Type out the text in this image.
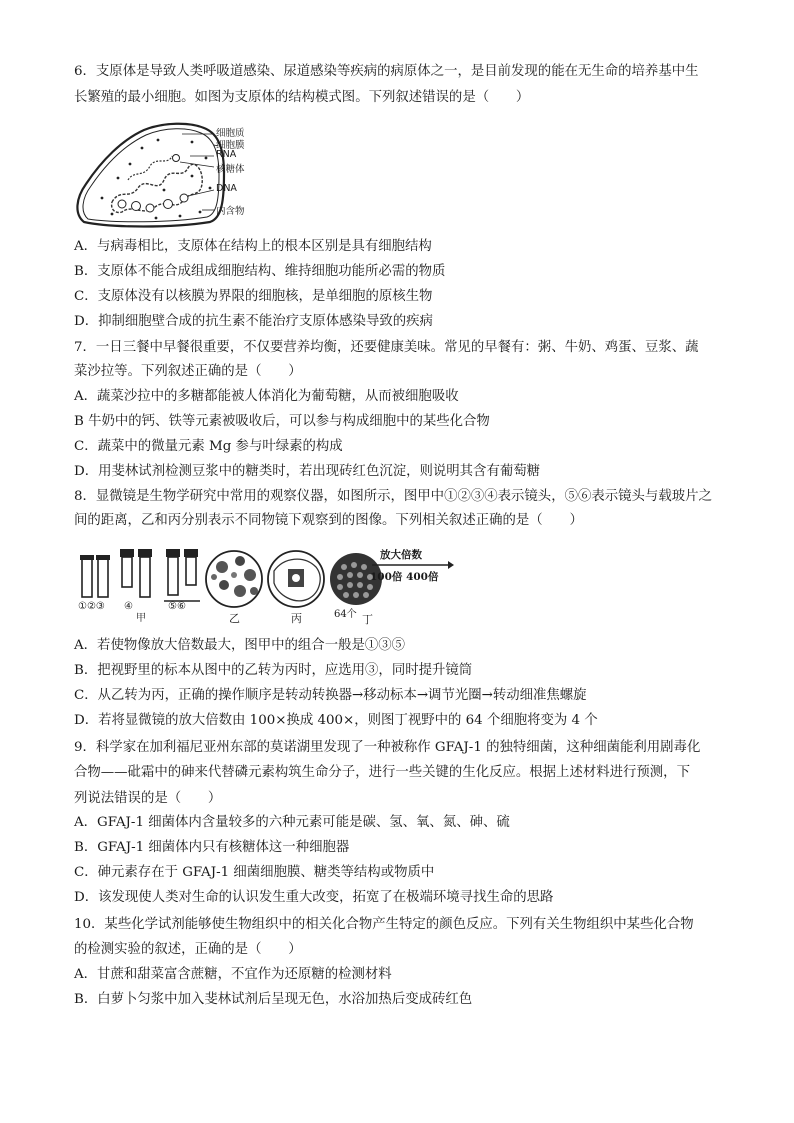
6．支原体是导致人类呼吸道感染、尿道感染等疾病的病原体之一，是目前发现的能在无生命的培养基中生
长繁殖的最小细胞。如图为支原体的结构模式图。下列叙述错误的是（　　）
细胞质
细胞膜
RNA
核糖体
DNA
内含物
A．与病毒相比，支原体在结构上的根本区别是具有细胞结构
B．支原体不能合成组成细胞结构、维持细胞功能所必需的物质
C．支原体没有以核膜为界限的细胞核，是单细胞的原核生物
D．抑制细胞壁合成的抗生素不能治疗支原体感染导致的疾病
7．一日三餐中早餐很重要，不仅要营养均衡，还要健康美味。常见的早餐有：粥、牛奶、鸡蛋、豆浆、蔬
菜沙拉等。下列叙述正确的是（　　）
A．蔬菜沙拉中的多糖都能被人体消化为葡萄糖，从而被细胞吸收
B 牛奶中的钙、铁等元素被吸收后，可以参与构成细胞中的某些化合物
C．蔬菜中的微量元素 Mg 参与叶绿素的构成
D．用斐林试剂检测豆浆中的糖类时，若出现砖红色沉淀，则说明其含有葡萄糖
8．显微镜是生物学研究中常用的观察仪器，如图所示，图甲中①②③④表示镜头，⑤⑥表示镜头与载玻片之
间的距离，乙和丙分别表示不同物镜下观察到的图像。下列相关叙述正确的是（　　）
①②③ ④	⑤⑥
甲	乙	丙	64个 丁
放大倍数
100倍 400倍
A．若使物像放大倍数最大，图甲中的组合一般是①③⑤
B．把视野里的标本从图中的乙转为丙时，应选用③，同时提升镜筒
C．从乙转为丙，正确的操作顺序是转动转换器→移动标本→调节光圈→转动细准焦螺旋
D．若将显微镜的放大倍数由 100×换成 400×，则图丁视野中的 64 个细胞将变为 4 个
9．科学家在加利福尼亚州东部的莫诺湖里发现了一种被称作 GFAJ-1 的独特细菌，这种细菌能利用剧毒化
合物——砒霜中的砷来代替磷元素构筑生命分子，进行一些关键的生化反应。根据上述材料进行预测，下
列说法错误的是（　　）
A．GFAJ-1 细菌体内含量较多的六种元素可能是碳、氢、氧、氮、砷、硫
B．GFAJ-1 细菌体内只有核糖体这一种细胞器
C．砷元素存在于 GFAJ-1 细菌细胞膜、糖类等结构或物质中
D．该发现使人类对生命的认识发生重大改变，拓宽了在极端环境寻找生命的思路
10．某些化学试剂能够使生物组织中的相关化合物产生特定的颜色反应。下列有关生物组织中某些化合物
的检测实验的叙述，正确的是（　　）
A．甘蔗和甜菜富含蔗糖，不宜作为还原糖的检测材料
B．白萝卜匀浆中加入斐林试剂后呈现无色，水浴加热后变成砖红色
